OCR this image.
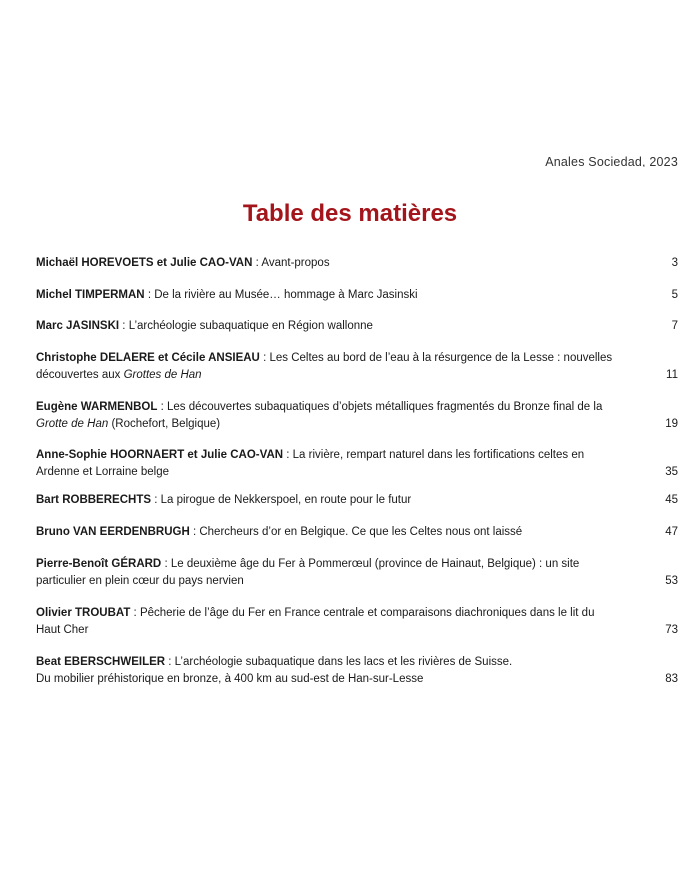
Anales Sociedad, 2023
Table des matières
Michaël HOREVOETS et Julie CAO-VAN : Avant-propos	3
Michel TIMPERMAN : De la rivière au Musée… hommage à Marc Jasinski	5
Marc JASINSKI : L’archéologie subaquatique en Région wallonne	7
Christophe DELAERE et Cécile ANSIEAU : Les Celtes au bord de l’eau à la résurgence de la Lesse : nouvelles découvertes aux Grottes de Han	11
Eugène WARMENBOL : Les découvertes subaquatiques d’objets métalliques fragmentés du Bronze final de la Grotte de Han (Rochefort, Belgique)	19
Anne-Sophie HOORNAERT et Julie CAO-VAN : La rivière, rempart naturel dans les fortifications celtes en Ardenne et Lorraine belge	35
Bart ROBBERECHTS : La pirogue de Nekkerspoel, en route pour le futur	45
Bruno VAN EERDENBRUGH : Chercheurs d’or en Belgique. Ce que les Celtes nous ont laissé	47
Pierre-Benoît GÉRARD : Le deuxième âge du Fer à Pommerœul (province de Hainaut, Belgique) : un site particulier en plein cœur du pays nervien	53
Olivier TROUBAT : Pêcherie de l’âge du Fer en France centrale et comparaisons diachroniques dans le lit du Haut Cher	73
Beat EBERSCHWEILER : L’archéologie subaquatique dans les lacs et les rivières de Suisse.
Du mobilier préhistorique en bronze, à 400 km au sud-est de Han-sur-Lesse	83
